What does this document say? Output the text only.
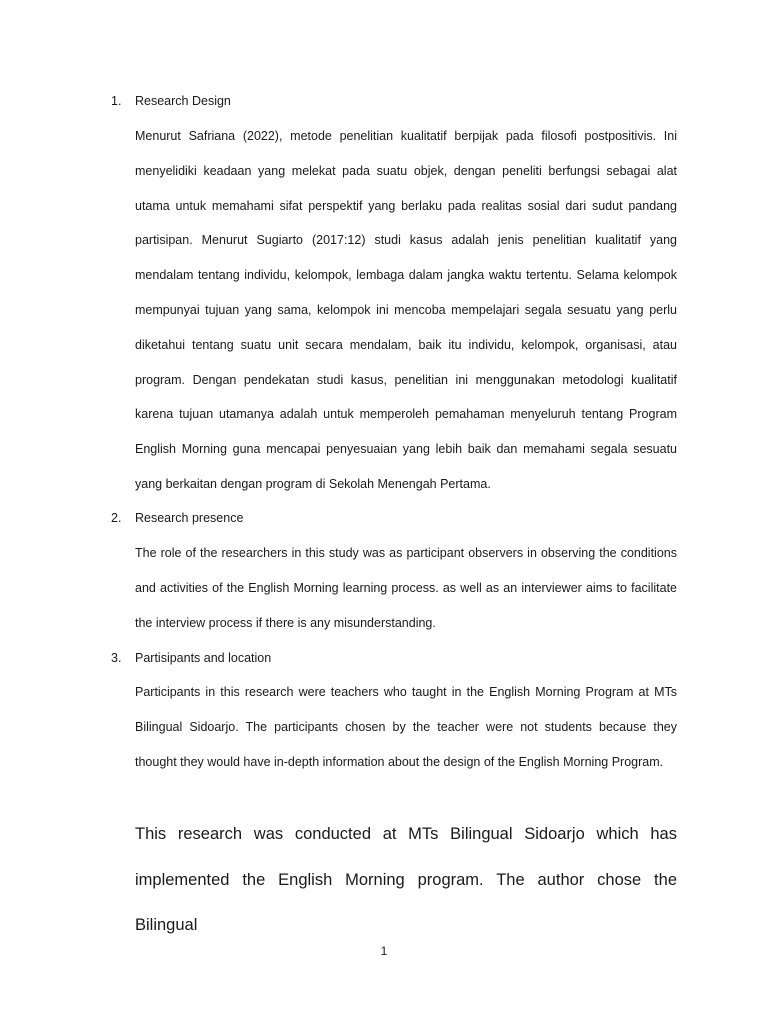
1. Research Design

Menurut Safriana (2022), metode penelitian kualitatif berpijak pada filosofi postpositivis. Ini menyelidiki keadaan yang melekat pada suatu objek, dengan peneliti berfungsi sebagai alat utama untuk memahami sifat perspektif yang berlaku pada realitas sosial dari sudut pandang partisipan. Menurut Sugiarto (2017:12) studi kasus adalah jenis penelitian kualitatif yang mendalam tentang individu, kelompok, lembaga dalam jangka waktu tertentu. Selama kelompok mempunyai tujuan yang sama, kelompok ini mencoba mempelajari segala sesuatu yang perlu diketahui tentang suatu unit secara mendalam, baik itu individu, kelompok, organisasi, atau program. Dengan pendekatan studi kasus, penelitian ini menggunakan metodologi kualitatif karena tujuan utamanya adalah untuk memperoleh pemahaman menyeluruh tentang Program English Morning guna mencapai penyesuaian yang lebih baik dan memahami segala sesuatu yang berkaitan dengan program di Sekolah Menengah Pertama.

2. Research presence

The role of the researchers in this study was as participant observers in observing the conditions and activities of the English Morning learning process. as well as an interviewer aims to facilitate the interview process if there is any misunderstanding.

3. Partisipants and location

Participants in this research were teachers who taught in the English Morning Program at MTs Bilingual Sidoarjo. The participants chosen by the teacher were not students because they thought they would have in-depth information about the design of the English Morning Program.

This research was conducted at MTs Bilingual Sidoarjo which has implemented the English Morning program. The author chose the Bilingual

1
